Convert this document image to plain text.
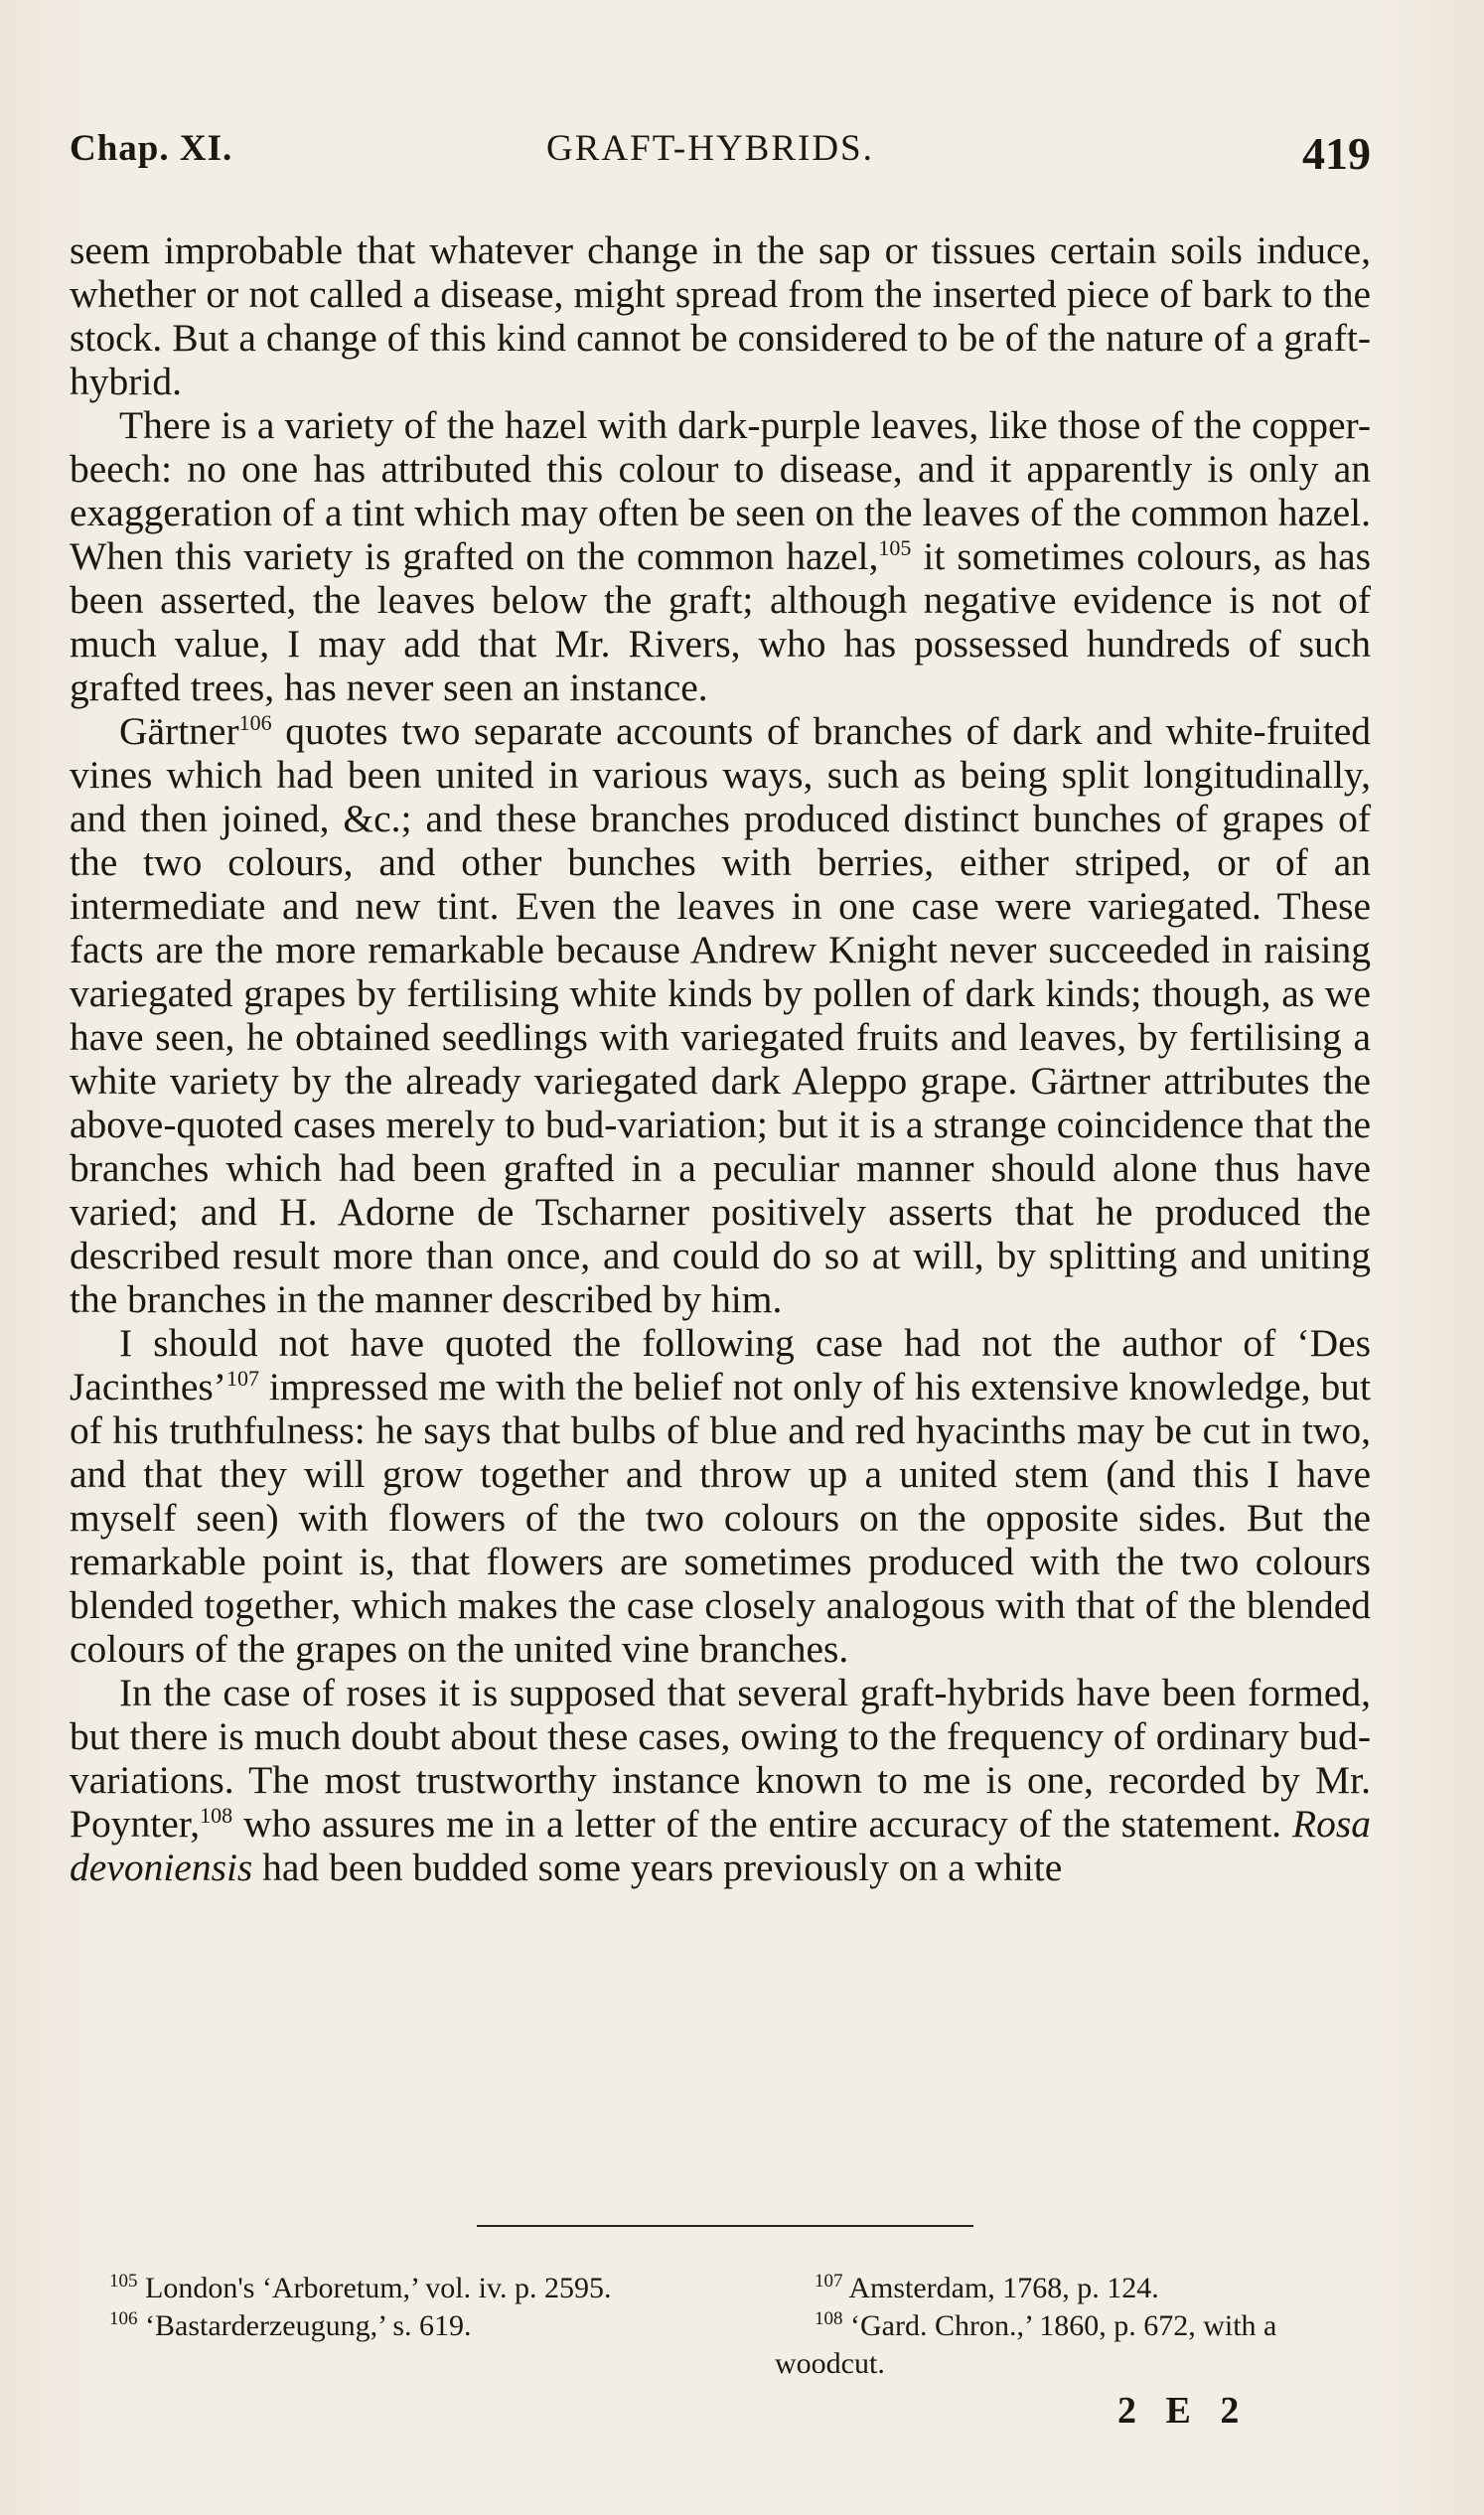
Chap. XI.	GRAFT-HYBRIDS.	419

seem improbable that whatever change in the sap or tissues certain soils induce, whether or not called a disease, might spread from the inserted piece of bark to the stock. But a change of this kind cannot be considered to be of the nature of a graft-hybrid.

There is a variety of the hazel with dark-purple leaves, like those of the copper-beech: no one has attributed this colour to disease, and it apparently is only an exaggeration of a tint which may often be seen on the leaves of the common hazel. When this variety is grafted on the common hazel,$^{105}$ it sometimes colours, as has been asserted, the leaves below the graft; although negative evidence is not of much value, I may add that Mr. Rivers, who has possessed hundreds of such grafted trees, has never seen an instance.

Gärtner$^{106}$ quotes two separate accounts of branches of dark and white-fruited vines which had been united in various ways, such as being split longitudinally, and then joined, &c.; and these branches produced distinct bunches of grapes of the two colours, and other bunches with berries, either striped, or of an intermediate and new tint. Even the leaves in one case were variegated. These facts are the more remarkable because Andrew Knight never succeeded in raising variegated grapes by fertilising white kinds by pollen of dark kinds; though, as we have seen, he obtained seedlings with variegated fruits and leaves, by fertilising a white variety by the already variegated dark Aleppo grape. Gärtner attributes the above-quoted cases merely to bud-variation; but it is a strange coincidence that the branches which had been grafted in a peculiar manner should alone thus have varied; and H. Adorne de Tscharner positively asserts that he produced the described result more than once, and could do so at will, by splitting and uniting the branches in the manner described by him.

I should not have quoted the following case had not the author of ‘Des Jacinthes’$^{107}$ impressed me with the belief not only of his extensive knowledge, but of his truthfulness: he says that bulbs of blue and red hyacinths may be cut in two, and that they will grow together and throw up a united stem (and this I have myself seen) with flowers of the two colours on the opposite sides. But the remarkable point is, that flowers are sometimes produced with the two colours blended together, which makes the case closely analogous with that of the blended colours of the grapes on the united vine branches.

In the case of roses it is supposed that several graft-hybrids have been formed, but there is much doubt about these cases, owing to the frequency of ordinary bud-variations. The most trustworthy instance known to me is one, recorded by Mr. Poynter,$^{108}$ who assures me in a letter of the entire accuracy of the statement. Rosa devoniensis had been budded some years previously on a white

$^{105}$ London's ‘Arboretum,’ vol. iv. p. 2595.

$^{106}$ ‘Bastarderzeugung,’ s. 619.

$^{107}$ Amsterdam, 1768, p. 124.

$^{108}$ ‘Gard. Chron.,’ 1860, p. 672, with a woodcut.

2 E 2
